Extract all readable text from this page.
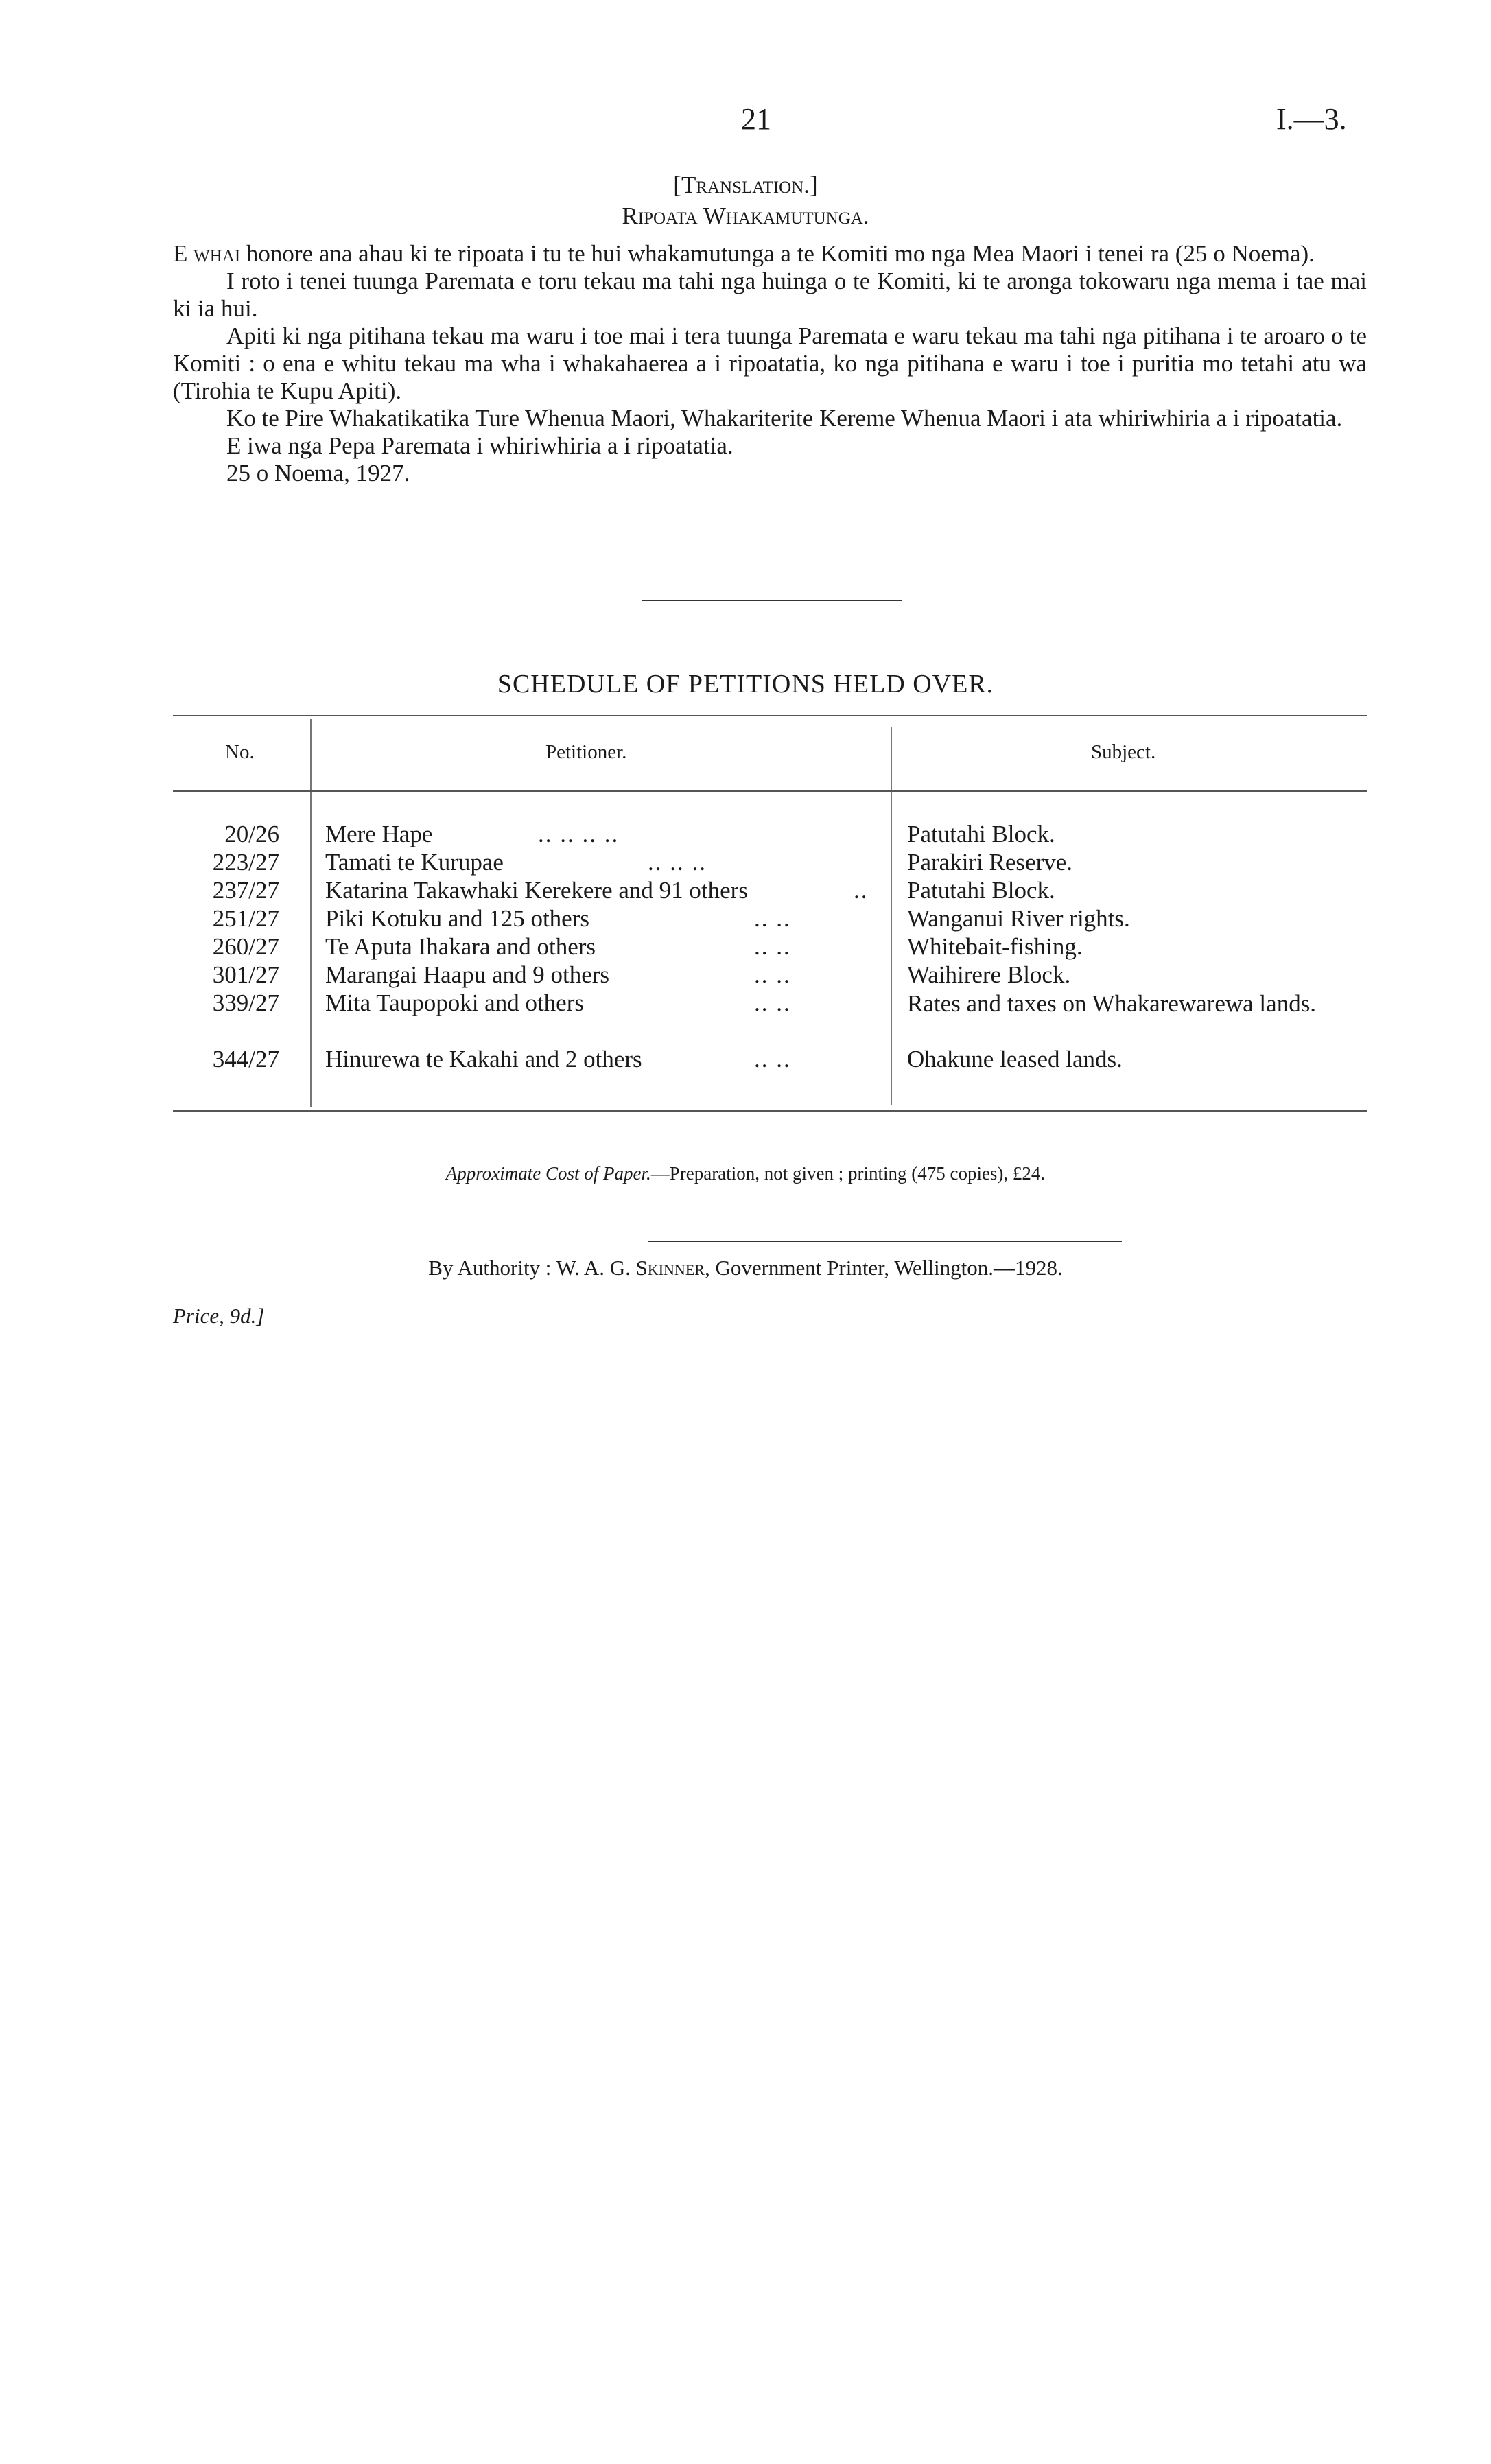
21	I.—3.
[Translation.]
Ripoata Whakamutunga.

E whai honore ana ahau ki te ripoata i tu te hui whakamutunga a te Komiti mo nga Mea Maori i tenei ra (25 o Noema).

I roto i tenei tuunga Paremata e toru tekau ma tahi nga huinga o te Komiti, ki te aronga tokowaru nga mema i tae mai ki ia hui.

Apiti ki nga pitihana tekau ma waru i toe mai i tera tuunga Paremata e waru tekau ma tahi nga pitihana i te aroaro o te Komiti : o ena e whitu tekau ma wha i whakahaerea a i ripoatatia, ko nga pitihana e waru i toe i puritia mo tetahi atu wa (Tirohia te Kupu Apiti).

Ko te Pire Whakatikatika Ture Whenua Maori, Whakariterite Kereme Whenua Maori i ata whiriwhiria a i ripoatatia.

E iwa nga Pepa Paremata i whiriwhiria a i ripoatatia.

25 o Noema, 1927.

SCHEDULE OF PETITIONS HELD OVER.
No.	Petitioner.	Subject.
20/26 Mere Hape	.. .. .. ..	Patutahi Block.
223/27 Tamati te Kurupae	.. .. ..	Parakiri Reserve.
237/27 Katarina Takawhaki Kerekere and 91 others	.. Patutahi Block.
251/27 Piki Kotuku and 125 others	.. ..	Wanganui River rights.
260/27 Te Aputa Ihakara and others	.. ..	Whitebait-fishing.
301/27 Marangai Haapu and 9 others	.. ..	Waihirere Block.
339/27 Mita Taupopoki and others	.. ..	Rates and taxes on Whakarewarewa lands.
344/27 Hinurewa te Kakahi and 2 others	.. ..	Ohakune leased lands.
Approximate Cost of Paper.—Preparation, not given ; printing (475 copies), £24.
By Authority : W. A. G. Skinner, Government Printer, Wellington.—1928.
Price, 9d.]
